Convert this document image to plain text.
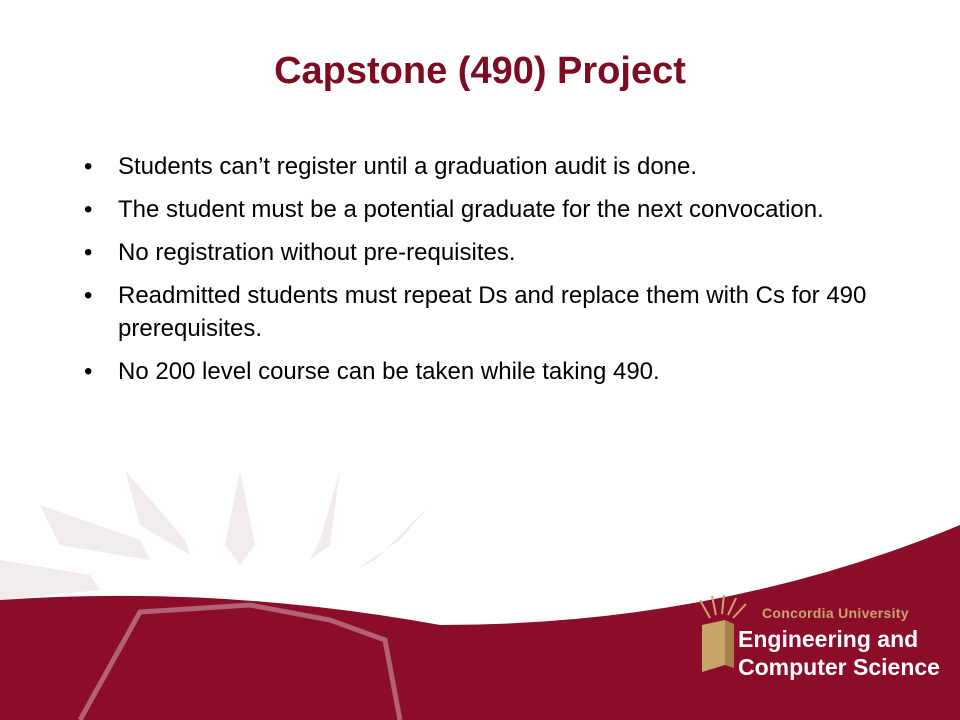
Capstone (490) Project
• Students can’t register until a graduation audit is done.
• The student must be a potential graduate for the next convocation.
• No registration without pre-requisites.
• Readmitted students must repeat Ds and replace them with Cs for 490 prerequisites.
• No 200 level course can be taken while taking 490.
Concordia University
Engineering and
Computer Science
